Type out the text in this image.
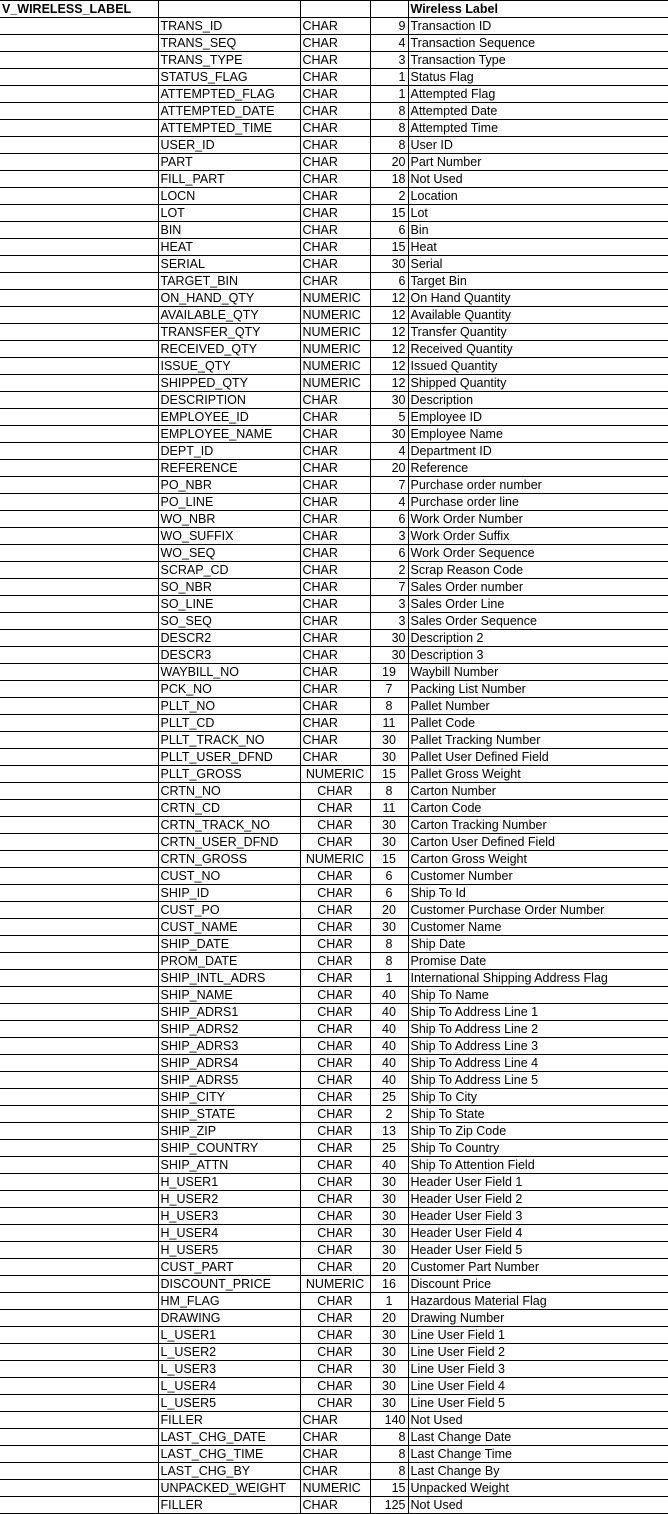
V_WIRELESS_LABEL				Wireless Label
	TRANS_ID	CHAR	9	Transaction ID
	TRANS_SEQ	CHAR	4	Transaction Sequence
	TRANS_TYPE	CHAR	3	Transaction Type
	STATUS_FLAG	CHAR	1	Status Flag
	ATTEMPTED_FLAG	CHAR	1	Attempted Flag
	ATTEMPTED_DATE	CHAR	8	Attempted Date
	ATTEMPTED_TIME	CHAR	8	Attempted Time
	USER_ID	CHAR	8	User ID
	PART	CHAR	20	Part Number
	FILL_PART	CHAR	18	Not Used
	LOCN	CHAR	2	Location
	LOT	CHAR	15	Lot
	BIN	CHAR	6	Bin
	HEAT	CHAR	15	Heat
	SERIAL	CHAR	30	Serial
	TARGET_BIN	CHAR	6	Target Bin
	ON_HAND_QTY	NUMERIC	12	On Hand Quantity
	AVAILABLE_QTY	NUMERIC	12	Available Quantity
	TRANSFER_QTY	NUMERIC	12	Transfer Quantity
	RECEIVED_QTY	NUMERIC	12	Received Quantity
	ISSUE_QTY	NUMERIC	12	Issued Quantity
	SHIPPED_QTY	NUMERIC	12	Shipped Quantity
	DESCRIPTION	CHAR	30	Description
	EMPLOYEE_ID	CHAR	5	Employee ID
	EMPLOYEE_NAME	CHAR	30	Employee Name
	DEPT_ID	CHAR	4	Department ID
	REFERENCE	CHAR	20	Reference
	PO_NBR	CHAR	7	Purchase order number
	PO_LINE	CHAR	4	Purchase order line
	WO_NBR	CHAR	6	Work Order Number
	WO_SUFFIX	CHAR	3	Work Order Suffix
	WO_SEQ	CHAR	6	Work Order Sequence
	SCRAP_CD	CHAR	2	Scrap Reason Code
	SO_NBR	CHAR	7	Sales Order number
	SO_LINE	CHAR	3	Sales Order Line
	SO_SEQ	CHAR	3	Sales Order Sequence
	DESCR2	CHAR	30	Description 2
	DESCR3	CHAR	30	Description 3
	WAYBILL_NO	CHAR	19	Waybill Number
	PCK_NO	CHAR	7	Packing List Number
	PLLT_NO	CHAR	8	Pallet Number
	PLLT_CD	CHAR	11	Pallet Code
	PLLT_TRACK_NO	CHAR	30	Pallet Tracking Number
	PLLT_USER_DFND	CHAR	30	Pallet User Defined Field
	PLLT_GROSS	NUMERIC	15	Pallet Gross Weight
	CRTN_NO	CHAR	8	Carton Number
	CRTN_CD	CHAR	11	Carton Code
	CRTN_TRACK_NO	CHAR	30	Carton Tracking Number
	CRTN_USER_DFND	CHAR	30	Carton User Defined Field
	CRTN_GROSS	NUMERIC	15	Carton Gross Weight
	CUST_NO	CHAR	6	Customer Number
	SHIP_ID	CHAR	6	Ship To Id
	CUST_PO	CHAR	20	Customer Purchase Order Number
	CUST_NAME	CHAR	30	Customer Name
	SHIP_DATE	CHAR	8	Ship Date
	PROM_DATE	CHAR	8	Promise Date
	SHIP_INTL_ADRS	CHAR	1	International Shipping Address Flag
	SHIP_NAME	CHAR	40	Ship To Name
	SHIP_ADRS1	CHAR	40	Ship To Address Line 1
	SHIP_ADRS2	CHAR	40	Ship To Address Line 2
	SHIP_ADRS3	CHAR	40	Ship To Address Line 3
	SHIP_ADRS4	CHAR	40	Ship To Address Line 4
	SHIP_ADRS5	CHAR	40	Ship To Address Line 5
	SHIP_CITY	CHAR	25	Ship To City
	SHIP_STATE	CHAR	2	Ship To State
	SHIP_ZIP	CHAR	13	Ship To Zip Code
	SHIP_COUNTRY	CHAR	25	Ship To Country
	SHIP_ATTN	CHAR	40	Ship To Attention Field
	H_USER1	CHAR	30	Header User Field 1
	H_USER2	CHAR	30	Header User Field 2
	H_USER3	CHAR	30	Header User Field 3
	H_USER4	CHAR	30	Header User Field 4
	H_USER5	CHAR	30	Header User Field 5
	CUST_PART	CHAR	20	Customer Part Number
	DISCOUNT_PRICE	NUMERIC	16	Discount Price
	HM_FLAG	CHAR	1	Hazardous Material Flag
	DRAWING	CHAR	20	Drawing Number
	L_USER1	CHAR	30	Line User Field 1
	L_USER2	CHAR	30	Line User Field 2
	L_USER3	CHAR	30	Line User Field 3
	L_USER4	CHAR	30	Line User Field 4
	L_USER5	CHAR	30	Line User Field 5
	FILLER	CHAR	140	Not Used
	LAST_CHG_DATE	CHAR	8	Last Change Date
	LAST_CHG_TIME	CHAR	8	Last Change Time
	LAST_CHG_BY	CHAR	8	Last Change By
	UNPACKED_WEIGHT	NUMERIC	15	Unpacked Weight
	FILLER	CHAR	125	Not Used
